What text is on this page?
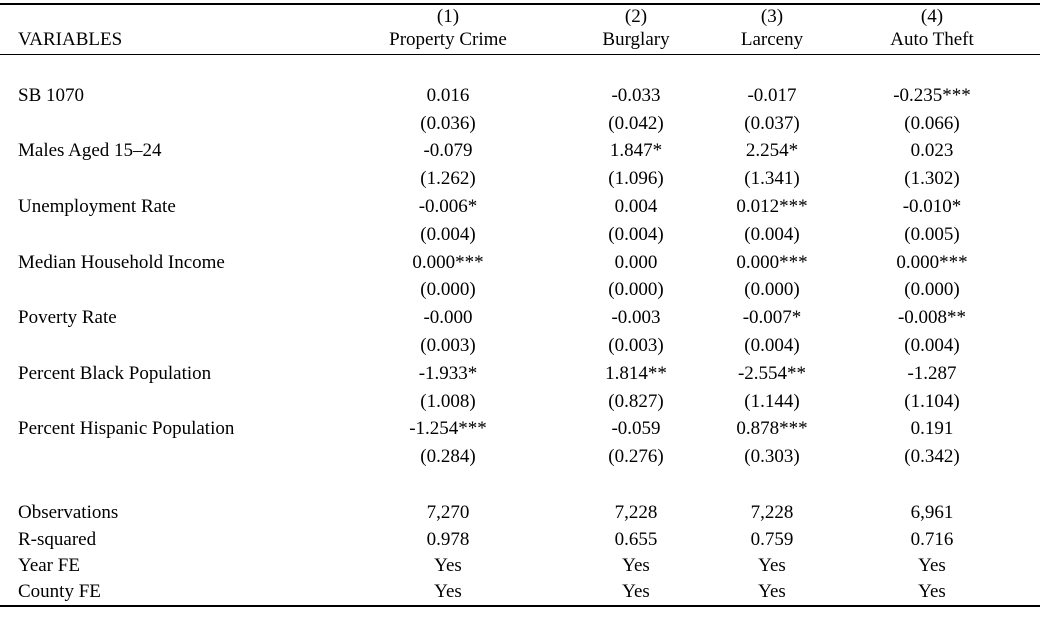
	(1)	(2)	(3)	(4)
VARIABLES	Property Crime	Burglary	Larceny	Auto Theft

SB 1070	0.016	-0.033	-0.017	-0.235***
	(0.036)	(0.042)	(0.037)	(0.066)
Males Aged 15–24	-0.079	1.847*	2.254*	0.023
	(1.262)	(1.096)	(1.341)	(1.302)
Unemployment Rate	-0.006*	0.004	0.012***	-0.010*
	(0.004)	(0.004)	(0.004)	(0.005)
Median Household Income	0.000***	0.000	0.000***	0.000***
	(0.000)	(0.000)	(0.000)	(0.000)
Poverty Rate	-0.000	-0.003	-0.007*	-0.008**
	(0.003)	(0.003)	(0.004)	(0.004)
Percent Black Population	-1.933*	1.814**	-2.554**	-1.287
	(1.008)	(0.827)	(1.144)	(1.104)
Percent Hispanic Population	-1.254***	-0.059	0.878***	0.191
	(0.284)	(0.276)	(0.303)	(0.342)

Observations	7,270	7,228	7,228	6,961
R-squared	0.978	0.655	0.759	0.716
Year FE	Yes	Yes	Yes	Yes
County FE	Yes	Yes	Yes	Yes
